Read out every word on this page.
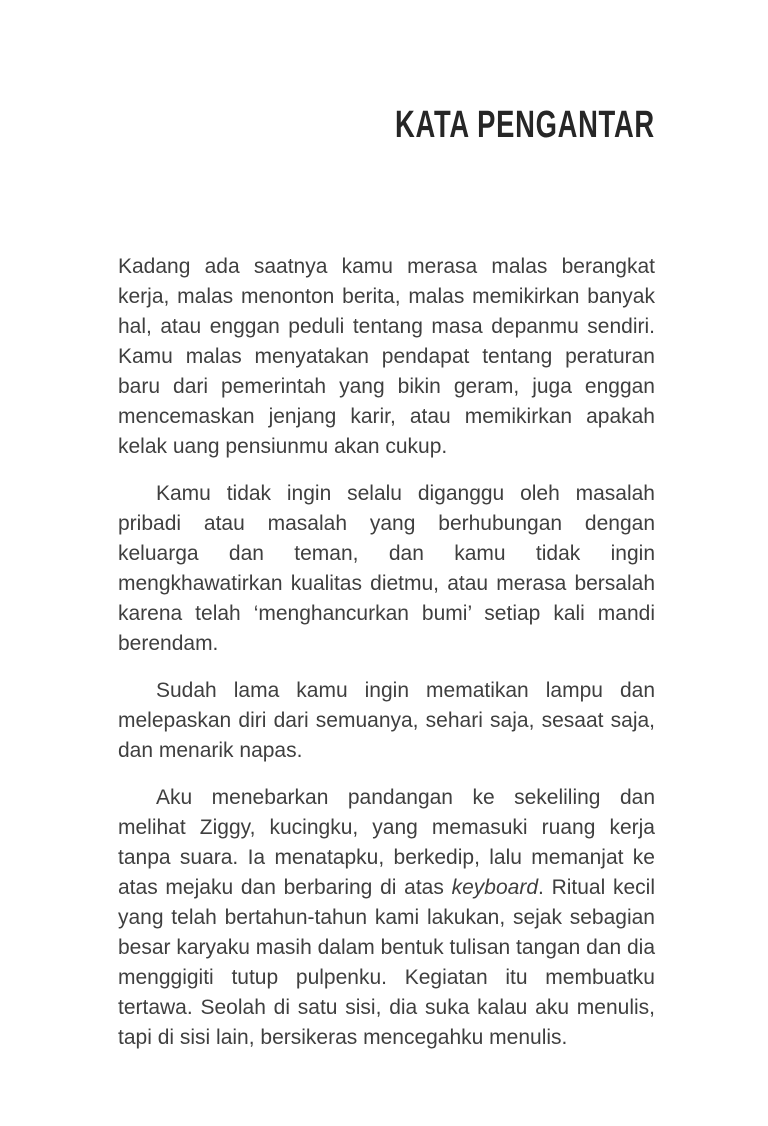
KATA PENGANTAR

Kadang ada saatnya kamu merasa malas berangkat kerja, malas menonton berita, malas memikirkan banyak hal, atau enggan peduli tentang masa depanmu sendiri. Kamu malas menyatakan pendapat tentang peraturan baru dari pemerintah yang bikin geram, juga enggan mencemaskan jenjang karir, atau memikirkan apakah kelak uang pensiunmu akan cukup.

Kamu tidak ingin selalu diganggu oleh masalah pribadi atau masalah yang berhubungan dengan keluarga dan teman, dan kamu tidak ingin mengkhawatirkan kualitas dietmu, atau merasa bersalah karena telah ‘menghancurkan bumi’ setiap kali mandi berendam.

Sudah lama kamu ingin mematikan lampu dan melepaskan diri dari semuanya, sehari saja, sesaat saja, dan menarik napas.

Aku menebarkan pandangan ke sekeliling dan melihat Ziggy, kucingku, yang memasuki ruang kerja tanpa suara. Ia menatapku, berkedip, lalu memanjat ke atas mejaku dan berbaring di atas keyboard. Ritual kecil yang telah bertahun-tahun kami lakukan, sejak sebagian besar karyaku masih dalam bentuk tulisan tangan dan dia menggigiti tutup pulpenku. Kegiatan itu membuatku tertawa. Seolah di satu sisi, dia suka kalau aku menulis, tapi di sisi lain, bersikeras mencegahku menulis.
